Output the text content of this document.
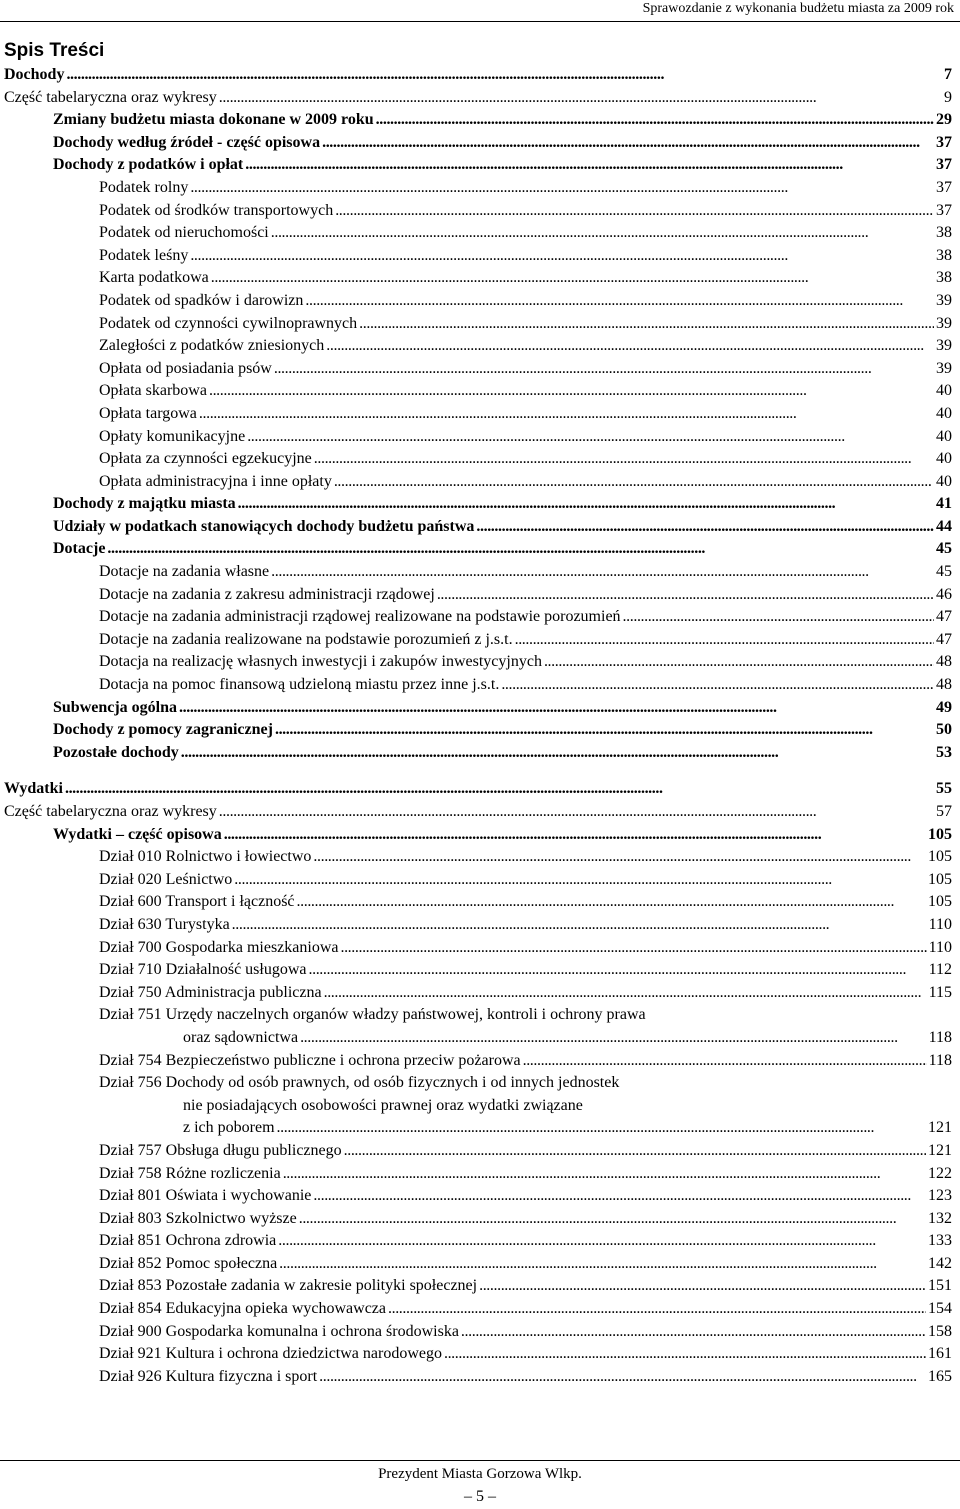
Sprawozdanie z wykonania budżetu miasta za 2009 rok
Spis Treści
Dochody . . .	7
Część tabelaryczna oraz wykresy . . .	9
Zmiany budżetu miasta dokonane w 2009 roku . . .	29
Dochody według źródeł - część opisowa . . .	37
Dochody z podatków i opłat . . .	37
Podatek rolny . . .	37
Podatek od środków transportowych . . .	37
Podatek od nieruchomości . . .	38
Podatek leśny . . .	38
Karta podatkowa . . .	38
Podatek od spadków i darowizn . . .	39
Podatek od czynności cywilnoprawnych . . .	39
Zaległości z podatków zniesionych . . .	39
Opłata od posiadania psów . . .	39
Opłata skarbowa . . .	40
Opłata targowa . . .	40
Opłaty komunikacyjne . . .	40
Opłata za czynności egzekucyjne . . .	40
Opłata administracyjna i inne opłaty . . .	40
Dochody z majątku miasta . . .	41
Udziały w podatkach stanowiących dochody budżetu państwa . . .	44
Dotacje . . .	45
Dotacje na zadania własne . . .	45
Dotacje na zadania z zakresu administracji rządowej . . .	46
Dotacje na zadania administracji rządowej realizowane na podstawie porozumień . . .	47
Dotacje na zadania realizowane na podstawie porozumień z j.s.t. . . .	47
Dotacja na realizację własnych inwestycji i zakupów inwestycyjnych . . .	48
Dotacja na pomoc finansową udzieloną miastu przez inne j.s.t. . . .	48
Subwencja ogólna . . .	49
Dochody z pomocy zagranicznej . . .	50
Pozostałe dochody . . .	53
Wydatki . . .	55
Część tabelaryczna oraz wykresy . . .	57
Wydatki – część opisowa . . .	105
Dział 010 Rolnictwo i łowiectwo . . .	105
Dział 020 Leśnictwo . . .	105
Dział 600 Transport i łączność . . .	105
Dział 630 Turystyka . . .	110
Dział 700 Gospodarka mieszkaniowa . . .	110
Dział 710 Działalność usługowa . . .	112
Dział 750 Administracja publiczna . . .	115
Dział 751 Urzędy naczelnych organów władzy państwowej, kontroli i ochrony prawa
oraz sądownictwa . . .	118
Dział 754 Bezpieczeństwo publiczne i ochrona przeciw pożarowa . . .	118
Dział 756 Dochody od osób prawnych, od osób fizycznych i od innych jednostek
nie posiadających osobowości prawnej oraz wydatki związane
z ich poborem . . .	121
Dział 757 Obsługa długu publicznego . . .	121
Dział 758 Różne rozliczenia . . .	122
Dział 801 Oświata i wychowanie . . .	123
Dział 803 Szkolnictwo wyższe . . .	132
Dział 851 Ochrona zdrowia . . .	133
Dział 852 Pomoc społeczna . . .	142
Dział 853 Pozostałe zadania w zakresie polityki społecznej . . .	151
Dział 854 Edukacyjna opieka wychowawcza . . .	154
Dział 900 Gospodarka komunalna i ochrona środowiska . . .	158
Dział 921 Kultura i ochrona dziedzictwa narodowego . . .	161
Dział 926 Kultura fizyczna i sport . . .	165
Prezydent Miasta Gorzowa Wlkp.
– 5 –
